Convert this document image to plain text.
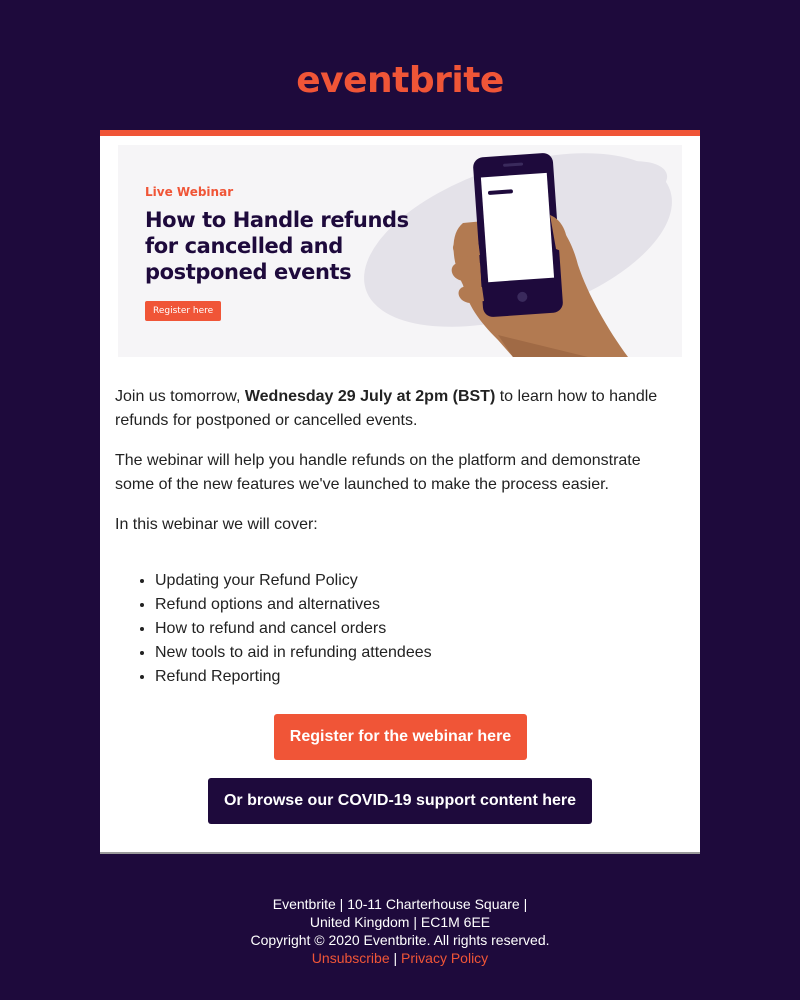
eventbrite
Live Webinar
How to Handle refunds for cancelled and postponed events
Register here

Join us tomorrow, Wednesday 29 July at 2pm (BST) to learn how to handle refunds for postponed or cancelled events.

The webinar will help you handle refunds on the platform and demonstrate some of the new features we've launched to make the process easier.

In this webinar we will cover:

• Updating your Refund Policy
• Refund options and alternatives
• How to refund and cancel orders
• New tools to aid in refunding attendees
• Refund Reporting
Register for the webinar here
Or browse our COVID-19 support content here
Eventbrite | 10-11 Charterhouse Square |
United Kingdom | EC1M 6EE
Copyright © 2020 Eventbrite. All rights reserved.
Unsubscribe | Privacy Policy
